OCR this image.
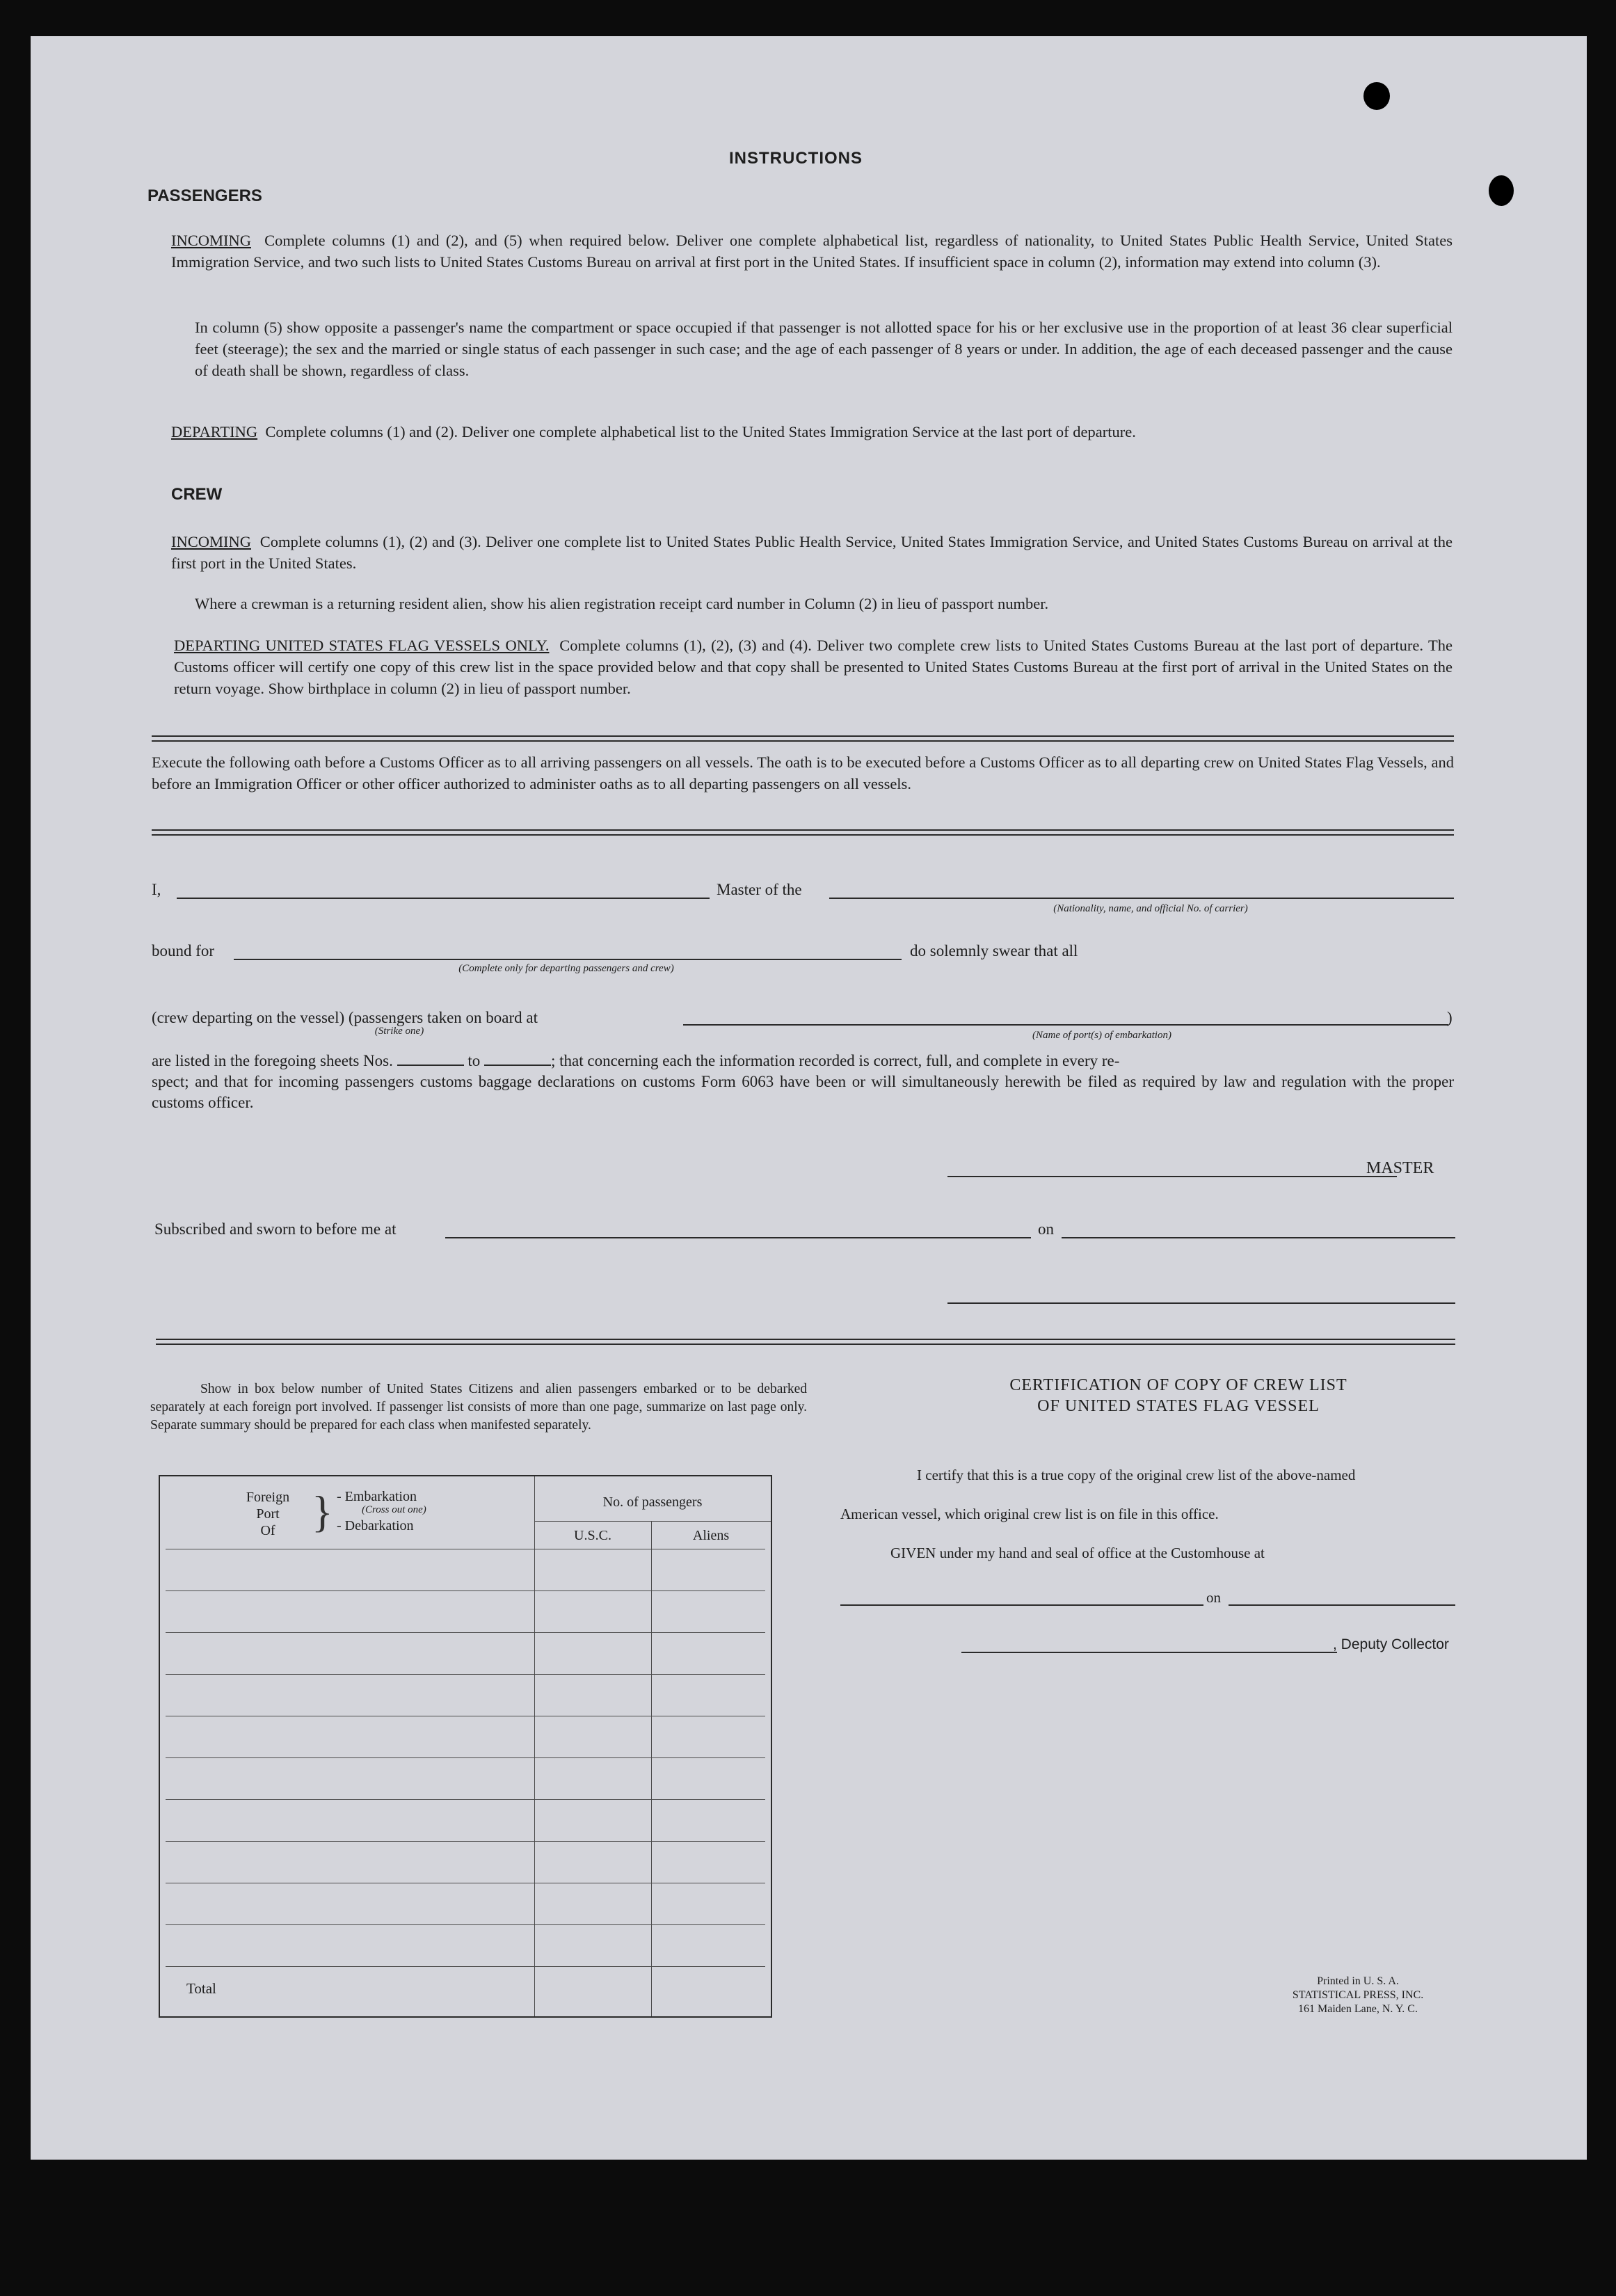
INSTRUCTIONS
PASSENGERS
INCOMING Complete columns (1) and (2), and (5) when required below. Deliver one complete alphabetical list, regardless of nationality, to United States Public Health Service, United States Immigration Service, and two such lists to United States Customs Bureau on arrival at first port in the United States. If insufficient space in column (2), information may extend into column (3).
In column (5) show opposite a passenger's name the compartment or space occupied if that passenger is not allotted space for his or her exclusive use in the proportion of at least 36 clear superficial feet (steerage); the sex and the married or single status of each passenger in such case; and the age of each passenger of 8 years or under. In addition, the age of each deceased passenger and the cause of death shall be shown, regardless of class.
DEPARTING Complete columns (1) and (2). Deliver one complete alphabetical list to the United States Immigration Service at the last port of departure.
CREW
INCOMING Complete columns (1), (2) and (3). Deliver one complete list to United States Public Health Service, United States Immigration Service, and United States Customs Bureau on arrival at the first port in the United States.
Where a crewman is a returning resident alien, show his alien registration receipt card number in Column (2) in lieu of passport number.
DEPARTING UNITED STATES FLAG VESSELS ONLY. Complete columns (1), (2), (3) and (4). Deliver two complete crew lists to United States Customs Bureau at the last port of departure. The Customs officer will certify one copy of this crew list in the space provided below and that copy shall be presented to United States Customs Bureau at the first port of arrival in the United States on the return voyage. Show birthplace in column (2) in lieu of passport number.
Execute the following oath before a Customs Officer as to all arriving passengers on all vessels. The oath is to be executed before a Customs Officer as to all departing crew on United States Flag Vessels, and before an Immigration Officer or other officer authorized to administer oaths as to all departing passengers on all vessels.
I,	Master of the
(Nationality, name, and official No. of carrier)
bound for
(Complete only for departing passengers and crew)
do solemnly swear that all
(crew departing on the vessel) (passengers taken on board at
(Strike one)
)
(Name of port(s) of embarkation)
are listed in the foregoing sheets Nos.	to	; that concerning each the information recorded is correct, full, and complete in every re-
spect; and that for incoming passengers customs baggage declarations on customs Form 6063 have been or will simultaneously herewith be filed as required by law and regulation with the proper customs officer.
MASTER
Subscribed and sworn to before me at	on
Show in box below number of United States Citizens and alien passengers embarked or to be debarked separately at each foreign port involved. If passenger list consists of more than one page, summarize on last page only. Separate summary should be prepared for each class when manifested separately.
Foreign
Port
Of } - Embarkation
(Cross out one)
- Debarkation
No. of passengers
U.S.C.	Aliens
Total
CERTIFICATION OF COPY OF CREW LIST
OF UNITED STATES FLAG VESSEL
I certify that this is a true copy of the original crew list of the above-named
American vessel, which original crew list is on file in this office.
GIVEN under my hand and seal of office at the Customhouse at
on
, Deputy Collector
Printed in U. S. A.
STATISTICAL PRESS, INC.
161 Maiden Lane, N. Y. C.
